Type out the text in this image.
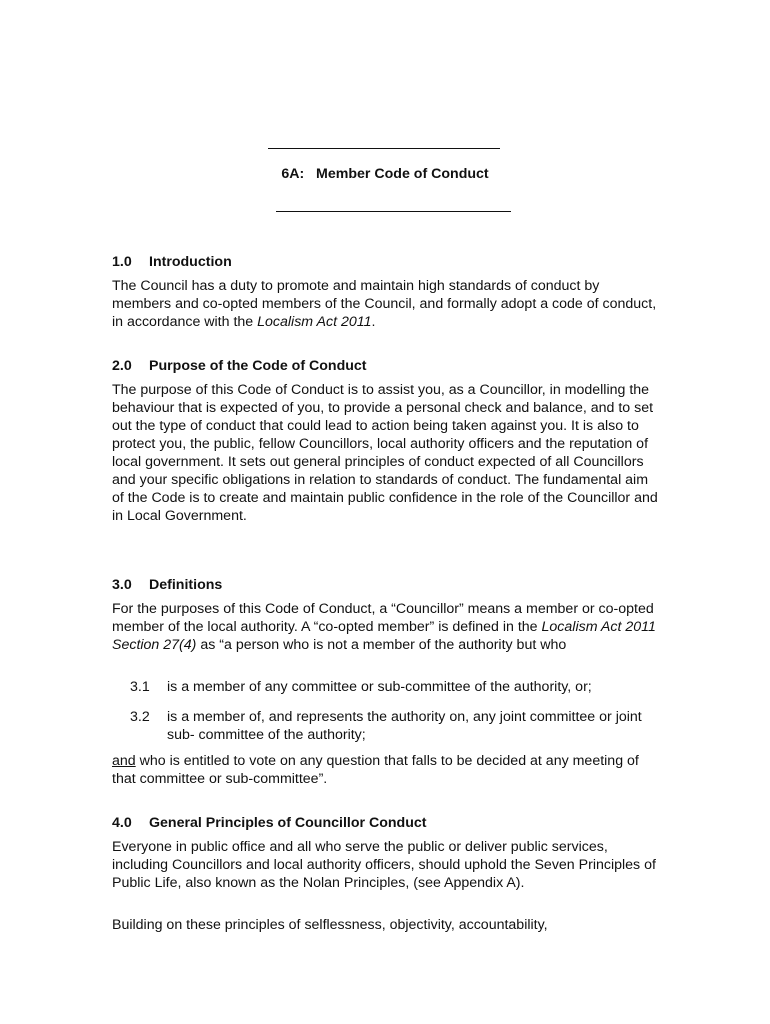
6A:   Member Code of Conduct
1.0 Introduction

The Council has a duty to promote and maintain high standards of conduct by members and co-opted members of the Council, and formally adopt a code of conduct, in accordance with the Localism Act 2011.

2.0 Purpose of the Code of Conduct

The purpose of this Code of Conduct is to assist you, as a Councillor, in modelling the behaviour that is expected of you, to provide a personal check and balance, and to set out the type of conduct that could lead to action being taken against you. It is also to protect you, the public, fellow Councillors, local authority officers and the reputation of local government. It sets out general principles of conduct expected of all Councillors and your specific obligations in relation to standards of conduct. The fundamental aim of the Code is to create and maintain public confidence in the role of the Councillor and in Local Government.

3.0 Definitions

For the purposes of this Code of Conduct, a “Councillor” means a member or co-opted member of the local authority. A “co-opted member” is defined in the Localism Act 2011 Section 27(4) as “a person who is not a member of the authority but who

3.1 is a member of any committee or sub-committee of the authority, or;
3.2 is a member of, and represents the authority on, any joint committee or joint sub- committee of the authority;

and who is entitled to vote on any question that falls to be decided at any meeting of that committee or sub-committee”.

4.0 General Principles of Councillor Conduct

Everyone in public office and all who serve the public or deliver public services, including Councillors and local authority officers, should uphold the Seven Principles of Public Life, also known as the Nolan Principles, (see Appendix A).

Building on these principles of selflessness, objectivity, accountability,
